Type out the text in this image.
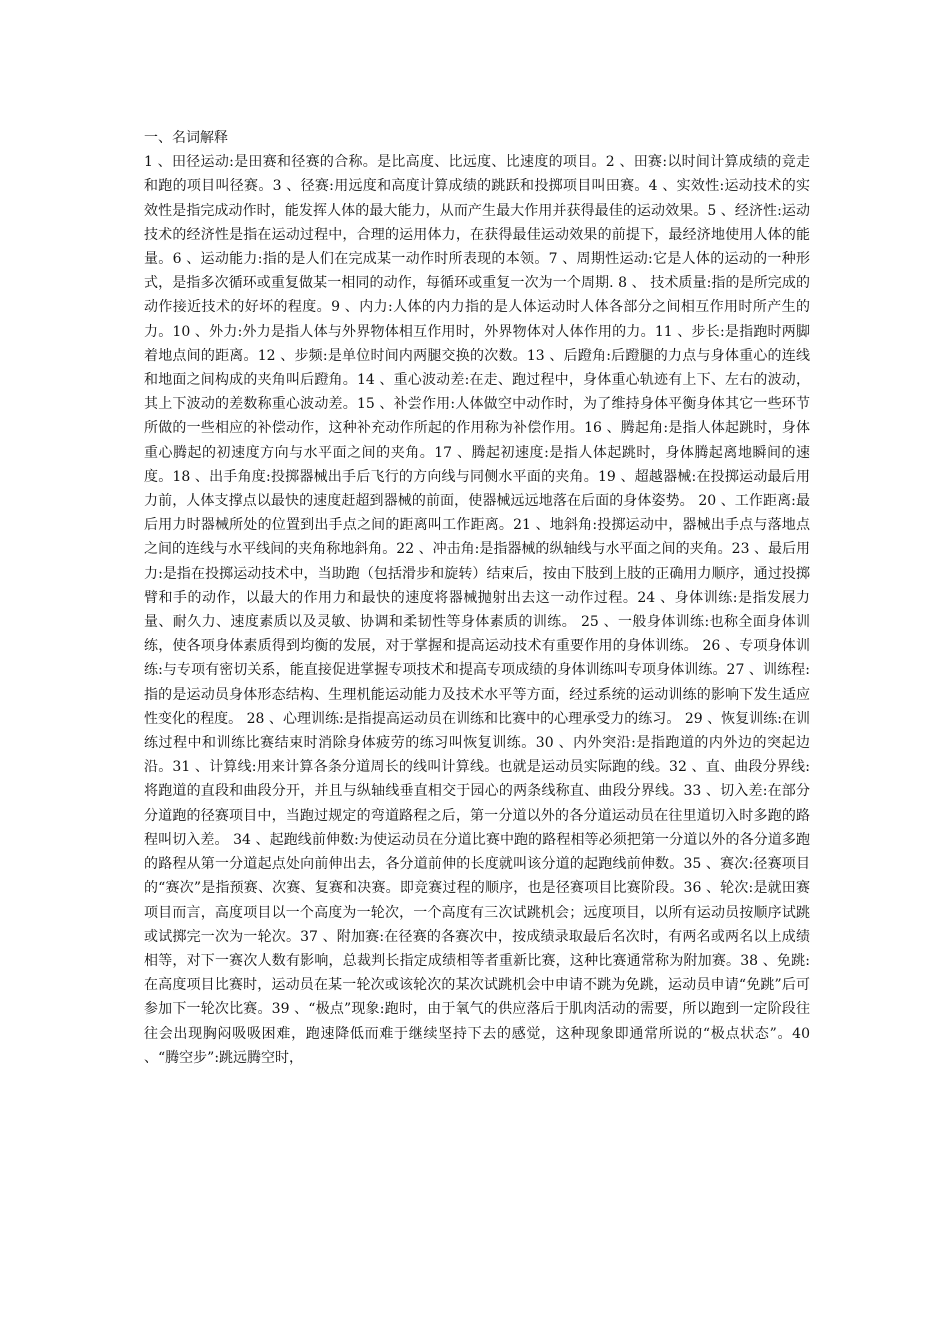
一、名词解释

1 、田径运动:是田赛和径赛的合称。是比高度、比远度、比速度的项目。2 、田赛:以时间计算成绩的竞走和跑的项目叫径赛。3 、径赛:用远度和高度计算成绩的跳跃和投掷项目叫田赛。4 、实效性:运动技术的实效性是指完成动作时，能发挥人体的最大能力，从而产生最大作用并获得最佳的运动效果。5 、经济性:运动技术的经济性是指在运动过程中，合理的运用体力，在获得最佳运动效果的前提下，最经济地使用人体的能量。6 、运动能力:指的是人们在完成某一动作时所表现的本领。7 、周期性运动:它是人体的运动的一种形式，是指多次循环或重复做某一相同的动作，每循环或重复一次为一个周期. 8 、 技术质量:指的是所完成的动作接近技术的好坏的程度。9 、内力:人体的内力指的是人体运动时人体各部分之间相互作用时所产生的力。10 、外力:外力是指人体与外界物体相互作用时，外界物体对人体作用的力。11 、步长:是指跑时两脚着地点间的距离。12 、步频:是单位时间内两腿交换的次数。13 、后蹬角:后蹬腿的力点与身体重心的连线和地面之间构成的夹角叫后蹬角。14 、重心波动差:在走、跑过程中，身体重心轨迹有上下、左右的波动，其上下波动的差数称重心波动差。15 、补尝作用:人体做空中动作时，为了维持身体平衡身体其它一些环节所做的一些相应的补偿动作，这种补充动作所起的作用称为补偿作用。16 、腾起角:是指人体起跳时，身体重心腾起的初速度方向与水平面之间的夹角。17 、腾起初速度:是指人体起跳时，身体腾起离地瞬间的速度。18 、出手角度:投掷器械出手后飞行的方向线与同侧水平面的夹角。19 、超越器械:在投掷运动最后用力前，人体支撑点以最快的速度赶超到器械的前面，使器械远远地落在后面的身体姿势。 20 、工作距离:最后用力时器械所处的位置到出手点之间的距离叫工作距离。21 、地斜角:投掷运动中，器械出手点与落地点之间的连线与水平线间的夹角称地斜角。22 、冲击角:是指器械的纵轴线与水平面之间的夹角。23 、最后用力:是指在投掷运动技术中，当助跑（包括滑步和旋转）结束后，按由下肢到上肢的正确用力顺序，通过投掷臂和手的动作，以最大的作用力和最快的速度将器械抛射出去这一动作过程。24 、身体训练:是指发展力量、耐久力、速度素质以及灵敏、协调和柔韧性等身体素质的训练。 25 、一般身体训练:也称全面身体训练，使各项身体素质得到均衡的发展，对于掌握和提高运动技术有重要作用的身体训练。 26 、专项身体训练:与专项有密切关系，能直接促进掌握专项技术和提高专项成绩的身体训练叫专项身体训练。27 、训练程:指的是运动员身体形态结构、生理机能运动能力及技术水平等方面，经过系统的运动训练的影响下发生适应性变化的程度。 28 、心理训练:是指提高运动员在训练和比赛中的心理承受力的练习。 29 、恢复训练:在训练过程中和训练比赛结束时消除身体疲劳的练习叫恢复训练。30 、内外突沿:是指跑道的内外边的突起边沿。31 、计算线:用来计算各条分道周长的线叫计算线。也就是运动员实际跑的线。32 、直、曲段分界线:将跑道的直段和曲段分开，并且与纵轴线垂直相交于园心的两条线称直、曲段分界线。33 、切入差:在部分分道跑的径赛项目中，当跑过规定的弯道路程之后，第一分道以外的各分道运动员在往里道切入时多跑的路程叫切入差。 34 、起跑线前伸数:为使运动员在分道比赛中跑的路程相等必须把第一分道以外的各分道多跑的路程从第一分道起点处向前伸出去，各分道前伸的长度就叫该分道的起跑线前伸数。35 、赛次:径赛项目的“赛次”是指预赛、次赛、复赛和决赛。即竞赛过程的顺序，也是径赛项目比赛阶段。36 、轮次:是就田赛项目而言，高度项目以一个高度为一轮次，一个高度有三次试跳机会；远度项目，以所有运动员按顺序试跳或试掷完一次为一轮次。37 、附加赛:在径赛的各赛次中，按成绩录取最后名次时，有两名或两名以上成绩相等，对下一赛次人数有影响，总裁判长指定成绩相等者重新比赛，这种比赛通常称为附加赛。38 、免跳:在高度项目比赛时，运动员在某一轮次或该轮次的某次试跳机会中申请不跳为免跳，运动员申请“免跳”后可参加下一轮次比赛。39 、“极点”现象:跑时，由于氧气的供应落后于肌肉活动的需要，所以跑到一定阶段往往会出现胸闷吸吸困难，跑速降低而难于继续坚持下去的感觉，这种现象即通常所说的“极点状态”。40 、“腾空步”:跳远腾空时，
